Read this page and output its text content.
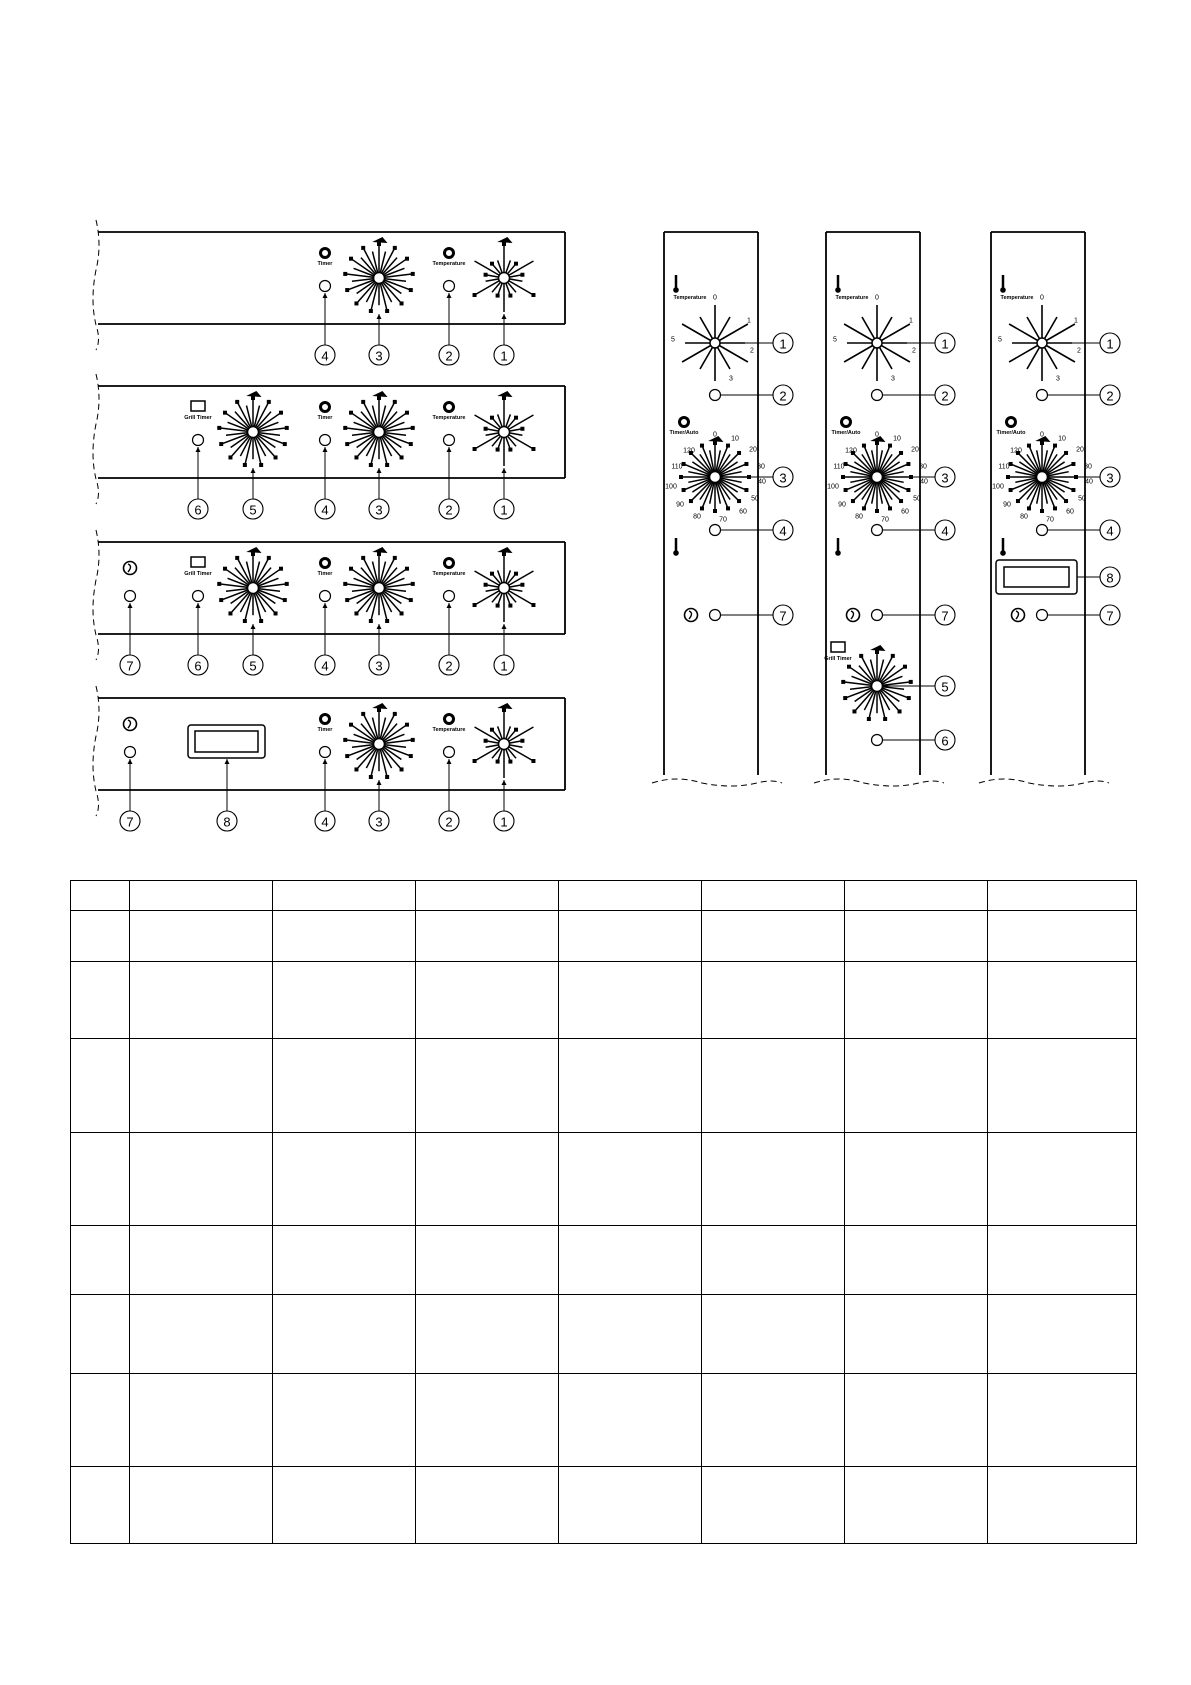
Temperature
Timer
4	3	2	1
Temperature
Timer
Grill Timer
6	5	4	3	2	1
Temperature
Timer
Grill Timer
7	6	5	4	3	2	1
Temperature
Timer
7	8	4	3	2	1
Temperature 0
1
2
3
5
Timer/Auto 0
10
20
30
40
50
60
70
80
90
100
110
120
1
2
3
4
7
Temperature 0
1
2
3
5
Timer/Auto 0
10
20
30
40
50
60
70
80
90
100
110
120
Grill Timer
1
2
3
4
7
5
6
Temperature 0
1
2
3
5
Timer/Auto 0
10
20
30
40
50
60
70
80
90
100
110
120
1
2
3
4
8
7
